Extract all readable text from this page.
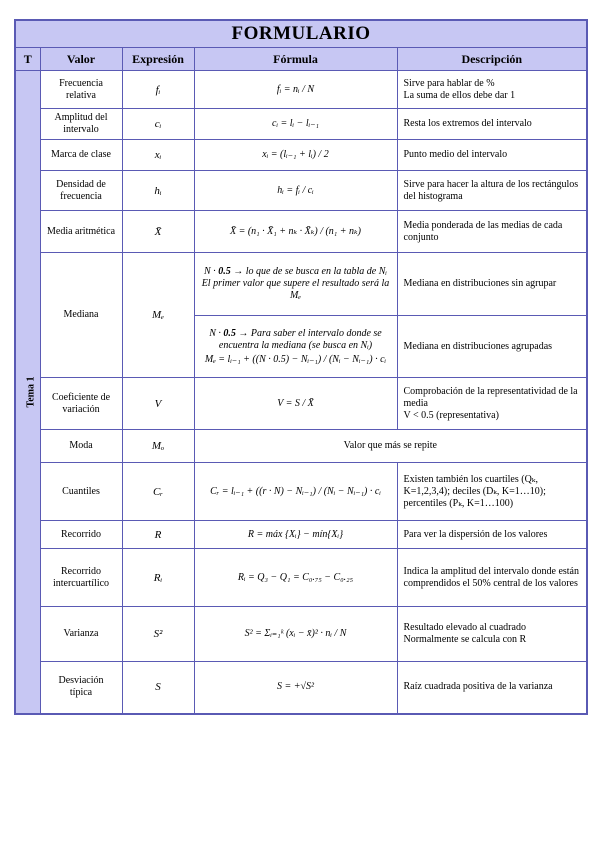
FORMULARIO				
T	Valor	Expresión	Fórmula	Descripción
Tema 1	Frecuencia relativa	fᵢ	fᵢ = nᵢ / N	Sirve para hablar de %
La suma de ellos debe dar 1
	Amplitud del intervalo	cᵢ	cᵢ = lᵢ − lᵢ₋₁	Resta los extremos del intervalo
	Marca de clase	xᵢ	xᵢ = (lᵢ₋₁ + lᵢ) / 2	Punto medio del intervalo
	Densidad de frecuencia	hᵢ	hᵢ = fᵢ / cᵢ	Sirve para hacer la altura de los rectángulos del histograma
	Media aritmética	X̄	X̄ = (n₁ · X̄₁ + nₖ · X̄ₖ) / (n₁ + nₖ)	Media ponderada de las medias de cada conjunto
	Mediana	Mₑ	N · 0.5 → lo que de se busca en la tabla de Nᵢ
El primer valor que supere el resultado será la Mₑ	Mediana en distribuciones sin agrupar

			N · 0.5 → Para saber el intervalo donde se encuentra la mediana (se busca en Nᵢ)
Mₑ = lᵢ₋₁ + ((N · 0.5) − Nᵢ₋₁) / (Nᵢ − Nᵢ₋₁) · cᵢ	Mediana en distribuciones agrupadas
	Coeficiente de variación	V	V = S / X̄	Comprobación de la representatividad de la media
V < 0.5 (representativa)
	Moda	Mₒ	Valor que más se repite	
	Cuantiles	Cᵣ	Cᵣ = lᵢ₋₁ + ((r · N) − Nᵢ₋₁) / (Nᵢ − Nᵢ₋₁) · cᵢ	Existen también los cuartiles (Qₖ, K=1,2,3,4); deciles (Dₖ, K=1…10); percentiles (Pₖ, K=1…100)
	Recorrido	R	R = máx {Xᵢ} − mín{Xᵢ}	Para ver la dispersión de los valores
	Recorrido intercuartílico	Rᵢ	Rᵢ = Q₃ − Q₁ = C₀.₇₅ − C₀.₂₅	Indica la amplitud del intervalo donde están comprendidos el 50% central de los valores
	Varianza	S²	S² = Σᵢ₌₁ᵏ (xᵢ − x̄)² · nᵢ / N	Resultado elevado al cuadrado
Normalmente se calcula con R
	Desviación típica	S	S = +√S²	Raíz cuadrada positiva de la varianza
